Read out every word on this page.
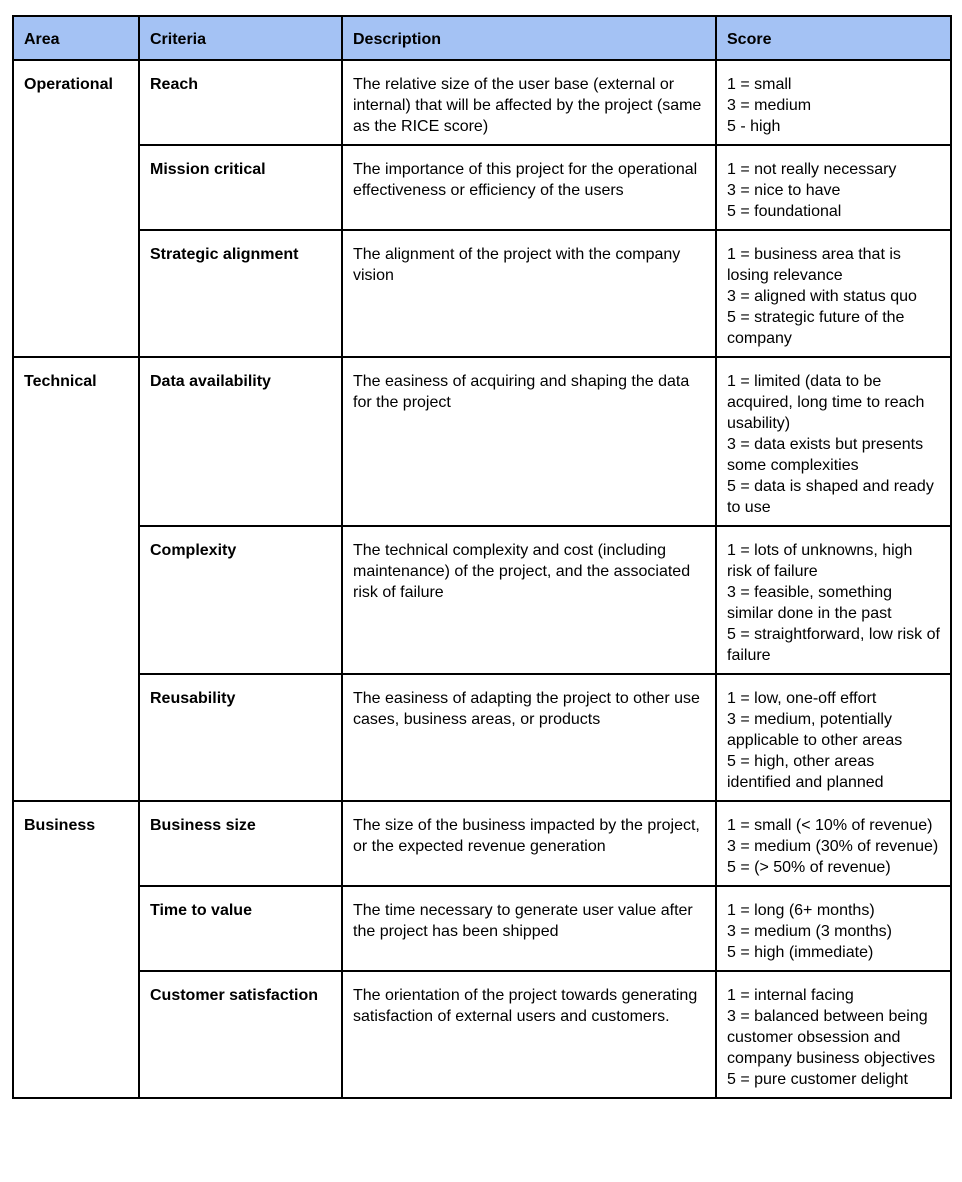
Area	Criteria	Description	Score
Operational	Reach	The relative size of the user base (external or internal) that will be affected by the project (same as the RICE score)	1 = small
3 = medium
5 - high

	Mission critical	The importance of this project for the operational effectiveness or efficiency of the users	1 = not really necessary
3 = nice to have
5 = foundational

	Strategic alignment	The alignment of the project with the company vision	1 = business area that is losing relevance
3 = aligned with status quo
5 = strategic future of the company

Technical	Data availability	The easiness of acquiring and shaping the data for the project	1 = limited (data to be acquired, long time to reach usability)
3 = data exists but presents some complexities
5 = data is shaped and ready to use

	Complexity	The technical complexity and cost (including maintenance) of the project, and the associated risk of failure	1 = lots of unknowns, high risk of failure
3 = feasible, something similar done in the past
5 = straightforward, low risk of failure

	Reusability	The easiness of adapting the project to other use cases, business areas, or products	1 = low, one-off effort
3 = medium, potentially applicable to other areas
5 = high, other areas identified and planned

Business	Business size	The size of the business impacted by the project, or the expected revenue generation	1 = small (< 10% of revenue)
3 = medium (30% of revenue)
5 = (> 50% of revenue)

	Time to value	The time necessary to generate user value after the project has been shipped	1 = long (6+ months)
3 = medium (3 months)
5 = high (immediate)

	Customer satisfaction	The orientation of the project towards generating satisfaction of external users and customers.	1 = internal facing
3 = balanced between being customer obsession and company business objectives
5 = pure customer delight
